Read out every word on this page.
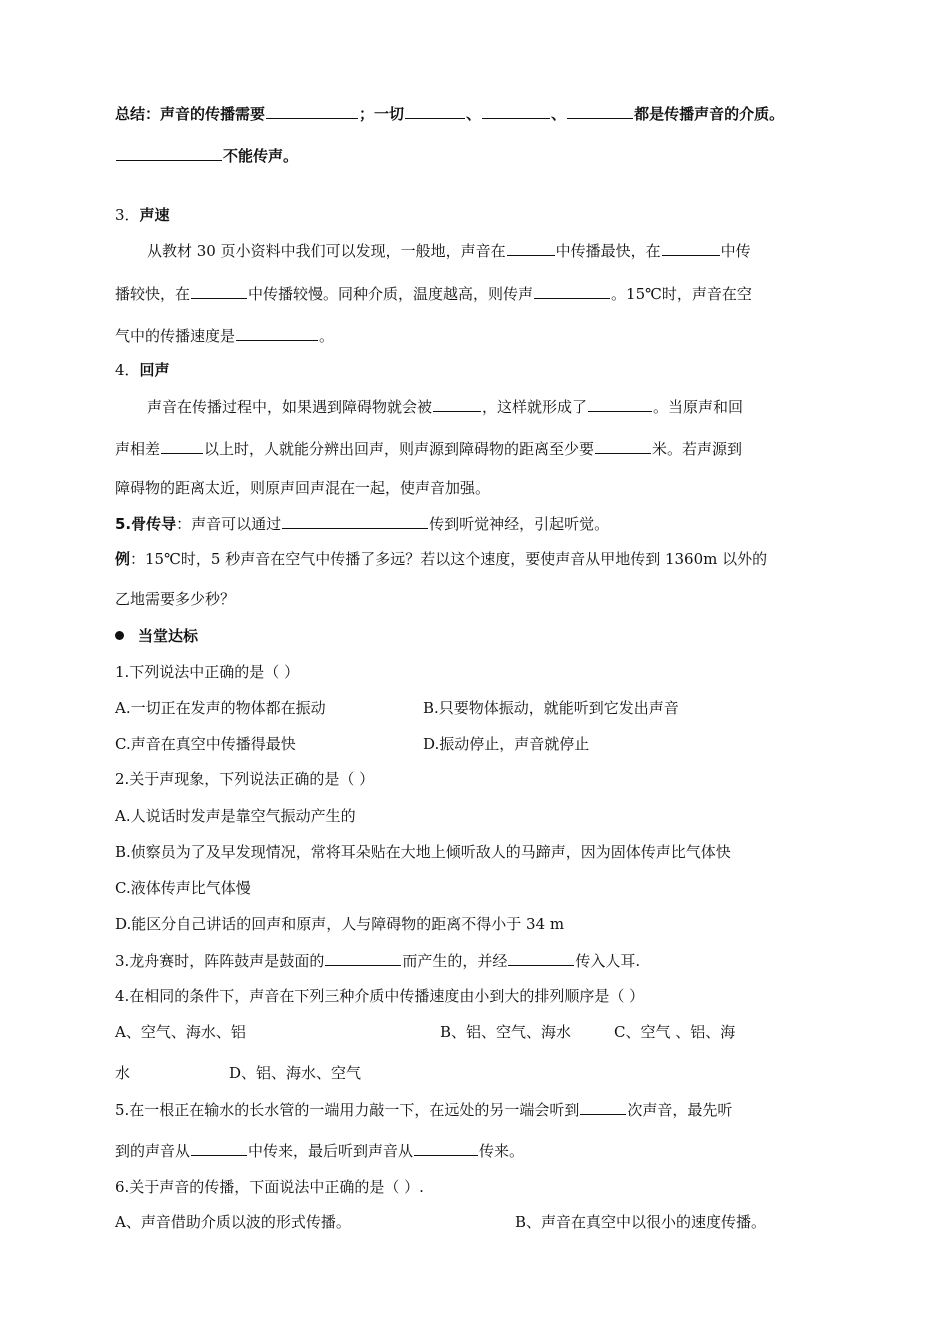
总结：声音的传播需要	；一切	、	、	都是传播声音的介质。
不能传声。
3．声速
从教材 30 页小资料中我们可以发现，一般地，声音在	中传播最快，在	中传
播较快，在	中传播较慢。同种介质，温度越高，则传声	。15℃时，声音在空
气中的传播速度是	。
4．回声
声音在传播过程中，如果遇到障碍物就会被	，这样就形成了	。当原声和回
声相差	以上时，人就能分辨出回声，则声源到障碍物的距离至少要	米。若声源到
障碍物的距离太近，则原声回声混在一起，使声音加强。
5.骨传导：声音可以通过	传到听觉神经，引起听觉。
例：15℃时，5 秒声音在空气中传播了多远？若以这个速度，要使声音从甲地传到 1360m 以外的
乙地需要多少秒？
当堂达标
1.下列说法中正确的是（ ）
A.一切正在发声的物体都在振动	B.只要物体振动，就能听到它发出声音
C.声音在真空中传播得最快	D.振动停止，声音就停止
2.关于声现象，下列说法正确的是（ ）
A.人说话时发声是靠空气振动产生的
B.侦察员为了及早发现情况，常将耳朵贴在大地上倾听敌人的马蹄声，因为固体传声比气体快
C.液体传声比气体慢
D.能区分自己讲话的回声和原声，人与障碍物的距离不得小于 34 m
3.龙舟赛时，阵阵鼓声是鼓面的	而产生的，并经	传入人耳.
4.在相同的条件下，声音在下列三种介质中传播速度由小到大的排列顺序是（ ）
A、空气、海水、铝	B、铝、空气、海水	C、空气 、铝、海
水	D、铝、海水、空气
5.在一根正在输水的长水管的一端用力敲一下，在远处的另一端会听到	次声音，最先听
到的声音从	中传来，最后听到声音从	传来。
6.关于声音的传播，下面说法中正确的是（ ）.
A、声音借助介质以波的形式传播。	B、声音在真空中以很小的速度传播。
